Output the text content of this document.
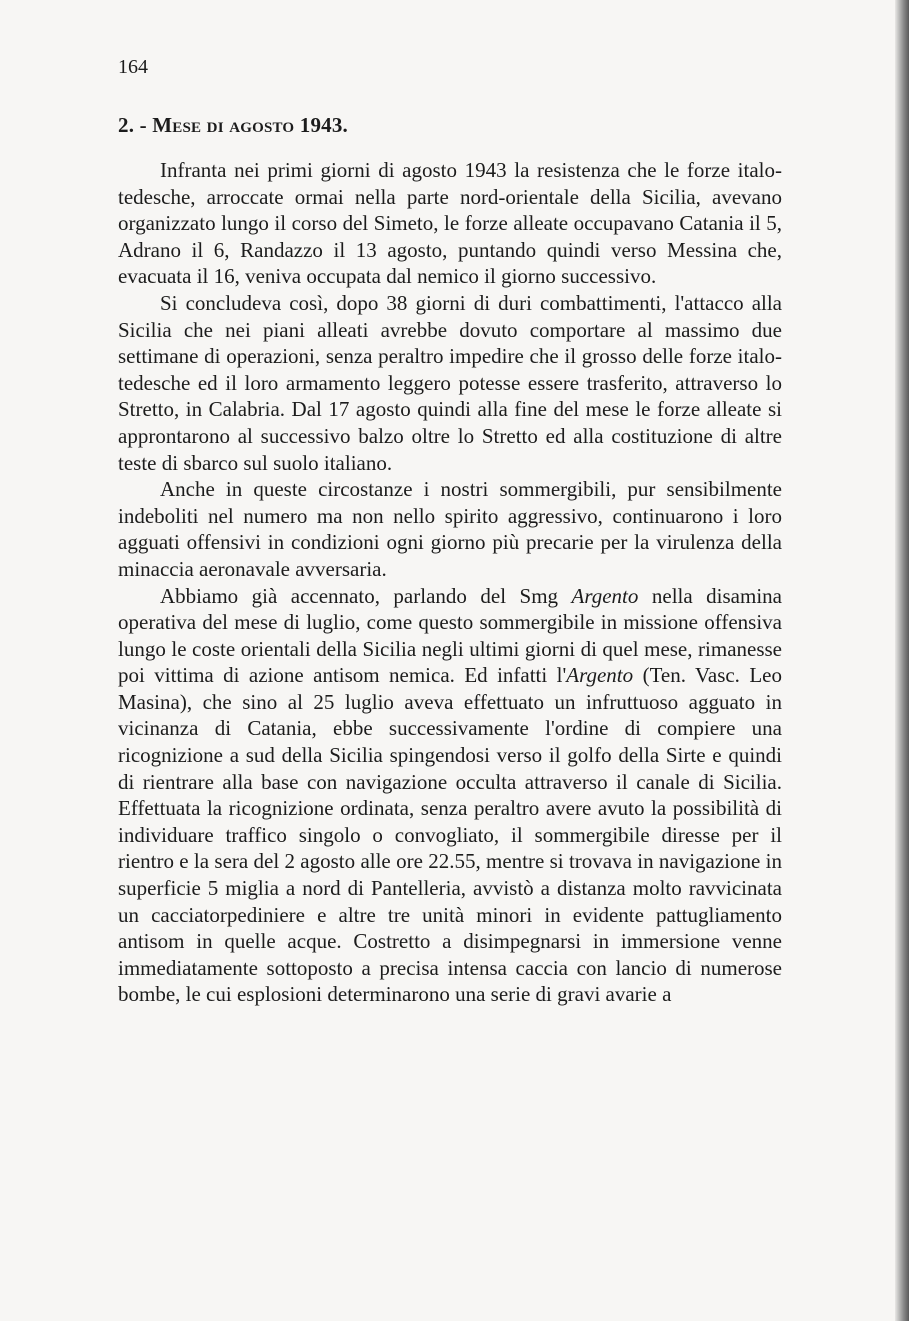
164
2. - Mese di agosto 1943.

Infranta nei primi giorni di agosto 1943 la resistenza che le forze italo-tedesche, arroccate ormai nella parte nord-orientale della Sicilia, avevano organizzato lungo il corso del Simeto, le forze alleate occupavano Catania il 5, Adrano il 6, Randazzo il 13 agosto, puntando quindi verso Messina che, evacuata il 16, veniva occupata dal nemico il giorno successivo.

Si concludeva così, dopo 38 giorni di duri combattimenti, l'attacco alla Sicilia che nei piani alleati avrebbe dovuto comportare al massimo due settimane di operazioni, senza peraltro impedire che il grosso delle forze italo-tedesche ed il loro armamento leggero potesse essere trasferito, attraverso lo Stretto, in Calabria. Dal 17 agosto quindi alla fine del mese le forze alleate si approntarono al successivo balzo oltre lo Stretto ed alla costituzione di altre teste di sbarco sul suolo italiano.

Anche in queste circostanze i nostri sommergibili, pur sensibilmente indeboliti nel numero ma non nello spirito aggressivo, continuarono i loro agguati offensivi in condizioni ogni giorno più precarie per la virulenza della minaccia aeronavale avversaria.

Abbiamo già accennato, parlando del Smg Argento nella disamina operativa del mese di luglio, come questo sommergibile in missione offensiva lungo le coste orientali della Sicilia negli ultimi giorni di quel mese, rimanesse poi vittima di azione antisom nemica. Ed infatti l'Argento (Ten. Vasc. Leo Masina), che sino al 25 luglio aveva effettuato un infruttuoso agguato in vicinanza di Catania, ebbe successivamente l'ordine di compiere una ricognizione a sud della Sicilia spingendosi verso il golfo della Sirte e quindi di rientrare alla base con navigazione occulta attraverso il canale di Sicilia. Effettuata la ricognizione ordinata, senza peraltro avere avuto la possibilità di individuare traffico singolo o convogliato, il sommergibile diresse per il rientro e la sera del 2 agosto alle ore 22.55, mentre si trovava in navigazione in superficie 5 miglia a nord di Pantelleria, avvistò a distanza molto ravvicinata un cacciatorpediniere e altre tre unità minori in evidente pattugliamento antisom in quelle acque. Costretto a disimpegnarsi in immersione venne immediatamente sottoposto a precisa intensa caccia con lancio di numerose bombe, le cui esplosioni determinarono una serie di gravi avarie a
